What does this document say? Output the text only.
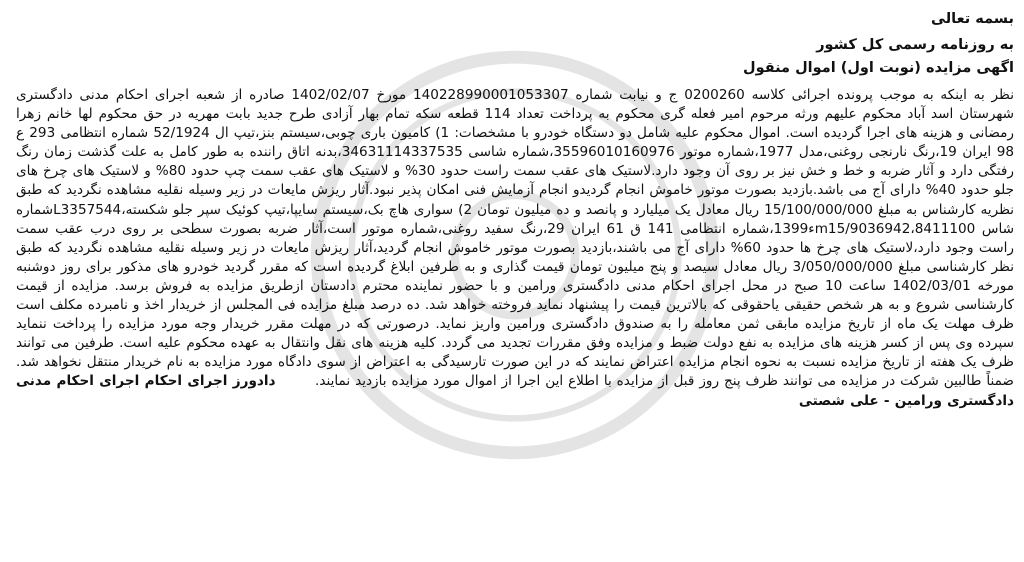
بسمه تعالی
به روزنامه رسمی کل کشور
اگهی مزایده (نوبت اول) اموال منقول
نظر به اینکه به موجب پرونده اجرائی کلاسه 0200260 ج و نیابت شماره 140228990001053307 مورخ 1402/02/07 صادره از شعبه اجرای احکام مدنی دادگستری شهرستان اسد آباد محکوم علیهم ورثه مرحوم امیر فعله گری محکوم به پرداخت تعداد 114 قطعه سکه تمام بهار آزادی طرح جدید بابت مهریه در حق محکوم لها خانم زهرا رمضانی و هزینه های اجرا گردیده است. اموال محکوم علیه شامل دو دستگاه خودرو با مشخصات: 1) کامیون باری چوبی،سیستم بنز،تیپ ال 52/1924 شماره انتظامی 293 ع 98 ایران 19،رنگ نارنجی روغنی،مدل 1977،شماره موتور 35596010160976،شماره شاسی 34631114337535،بدنه اتاق راننده به طور کامل به علت گذشت زمان رنگ رفتگی دارد و آثار ضربه و خط و خش نیز بر روی آن وجود دارد.لاستیک های عقب سمت راست حدود 30% و لاستیک های عقب سمت چپ حدود 80% و لاستیک های چرخ های جلو حدود 40% دارای آج می باشد.بازدید بصورت موتور خاموش انجام گردیدو انجام آزمایش فنی امکان پذیر نبود.آثار ریزش مایعات در زیر وسیله نقلیه مشاهده نگردید که طبق نظریه کارشناس به مبلغ 15/100/000/000 ریال معادل یک میلیارد و پانصد و ده میلیون تومان 2) سواری هاچ بک،سیستم سایپا،تیپ کوئیک سپر جلو شکسته،L3357544شماره شاس 8411100،m15/9036942ء1399،شماره انتظامی 141 ق 61 ایران 29،رنگ سفید روغنی،شماره موتور است،آثار ضربه بصورت سطحی بر روی درب عقب سمت راست وجود دارد،لاستیک های چرخ ها حدود 60% دارای آج می باشند،بازدید بصورت موتور خاموش انجام گردید،آثار ریزش مایعات در زیر وسیله نقلیه مشاهده نگردید که طبق نظر کارشناسی مبلغ 3/050/000/000 ریال معادل سیصد و پنج میلیون تومان قیمت گذاری و به طرفین ابلاغ گردیده است که مقرر گردید خودرو های مذکور برای روز دوشنبه مورخه 1402/03/01 ساعت 10 صبح در محل اجرای احکام مدنی دادگستری ورامین و با حضور نماینده محترم دادستان ازطریق مزایده به فروش برسد. مزایده از قیمت کارشناسی شروع و به هر شخص حقیقی یاحقوقی که بالاترین قیمت را پیشنهاد نماید فروخته خواهد شد. ده درصد مبلغ مزایده فی المجلس از خریدار اخذ و نامبرده مکلف است ظرف مهلت یک ماه از تاریخ مزایده مابقی ثمن معامله را به صندوق دادگستری ورامین واریز نماید. درصورتی که در مهلت مقرر خریدار وجه مورد مزایده را پرداخت ننماید سپرده وی پس از کسر هزینه های مزایده به نفع دولت ضبط و مزایده وفق مقررات تجدید می گردد. کلیه هزینه های نقل وانتقال به عهده محکوم علیه است. طرفین می توانند ظرف یک هفته از تاریخ مزایده نسبت به نحوه انجام مزایده اعتراض نمایند که در این صورت تارسیدگی به اعتراض از سوی دادگاه مورد مزایده به نام خریدار منتقل نخواهد شد. ضمناً طالبین شرکت در مزایده می توانند ظرف پنج روز قبل از مزایده با اطلاع این اجرا از اموال مورد مزایده بازدید نمایند.        دادورز اجرای احکام اجرای احکام مدنی دادگستری ورامین - علی شصتی
